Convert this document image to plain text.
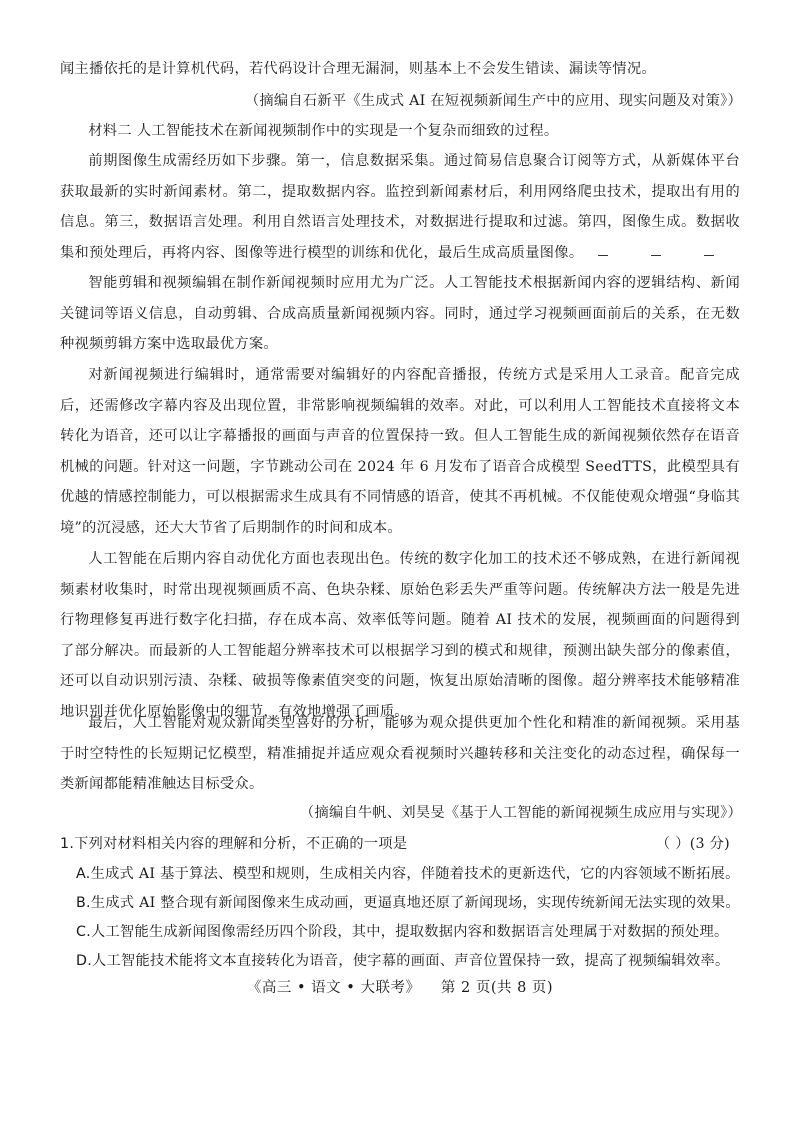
闻主播依托的是计算机代码，若代码设计合理无漏洞，则基本上不会发生错读、漏读等情况。

（摘编自石新平《生成式 AI 在短视频新闻生产中的应用、现实问题及对策》）

材料二 人工智能技术在新闻视频制作中的实现是一个复杂而细致的过程。

前期图像生成需经历如下步骤。第一，信息数据采集。通过简易信息聚合订阅等方式，从新媒体平台获取最新的实时新闻素材。第二，提取数据内容。监控到新闻素材后，利用网络爬虫技术，提取出有用的信息。第三，数据语言处理。利用自然语言处理技术，对数据进行提取和过滤。第四，图像生成。数据收集和预处理后，再将内容、图像等进行模型的训练和优化，最后生成高质量图像。

智能剪辑和视频编辑在制作新闻视频时应用尤为广泛。人工智能技术根据新闻内容的逻辑结构、新闻关键词等语义信息，自动剪辑、合成高质量新闻视频内容。同时，通过学习视频画面前后的关系，在无数种视频剪辑方案中选取最优方案。

对新闻视频进行编辑时，通常需要对编辑好的内容配音播报，传统方式是采用人工录音。配音完成后，还需修改字幕内容及出现位置，非常影响视频编辑的效率。对此，可以利用人工智能技术直接将文本转化为语音，还可以让字幕播报的画面与声音的位置保持一致。但人工智能生成的新闻视频依然存在语音机械的问题。针对这一问题，字节跳动公司在 2024 年 6 月发布了语音合成模型 SeedTTS，此模型具有优越的情感控制能力，可以根据需求生成具有不同情感的语音，使其不再机械。不仅能使观众增强“身临其境”的沉浸感，还大大节省了后期制作的时间和成本。

人工智能在后期内容自动优化方面也表现出色。传统的数字化加工的技术还不够成熟，在进行新闻视频素材收集时，时常出现视频画质不高、色块杂糅、原始色彩丢失严重等问题。传统解决方法一般是先进行物理修复再进行数字化扫描，存在成本高、效率低等问题。随着 AI 技术的发展，视频画面的问题得到了部分解决。而最新的人工智能超分辨率技术可以根据学习到的模式和规律，预测出缺失部分的像素值，还可以自动识别污渍、杂糅、破损等像素值突变的问题，恢复出原始清晰的图像。超分辨率技术能够精准地识别并优化原始影像中的细节，有效地增强了画质。

最后，人工智能对观众新闻类型喜好的分析，能够为观众提供更加个性化和精准的新闻视频。采用基于时空特性的长短期记忆模型，精准捕捉并适应观众看视频时兴趣转移和关注变化的动态过程，确保每一类新闻都能精准触达目标受众。

（摘编自牛帆、刘昊旻《基于人工智能的新闻视频生成应用与实现》）

1.下列对材料相关内容的理解和分析，不正确的一项是	（ ）(3 分)
A.生成式 AI 基于算法、模型和规则，生成相关内容，伴随着技术的更新迭代，它的内容领域不断拓展。
B.生成式 AI 整合现有新闻图像来生成动画，更逼真地还原了新闻现场，实现传统新闻无法实现的效果。
C.人工智能生成新闻图像需经历四个阶段，其中，提取数据内容和数据语言处理属于对数据的预处理。
D.人工智能技术能将文本直接转化为语音，使字幕的画面、声音位置保持一致，提高了视频编辑效率。
《高三 • 语文 • 大联考》    第 2 页(共 8 页)
